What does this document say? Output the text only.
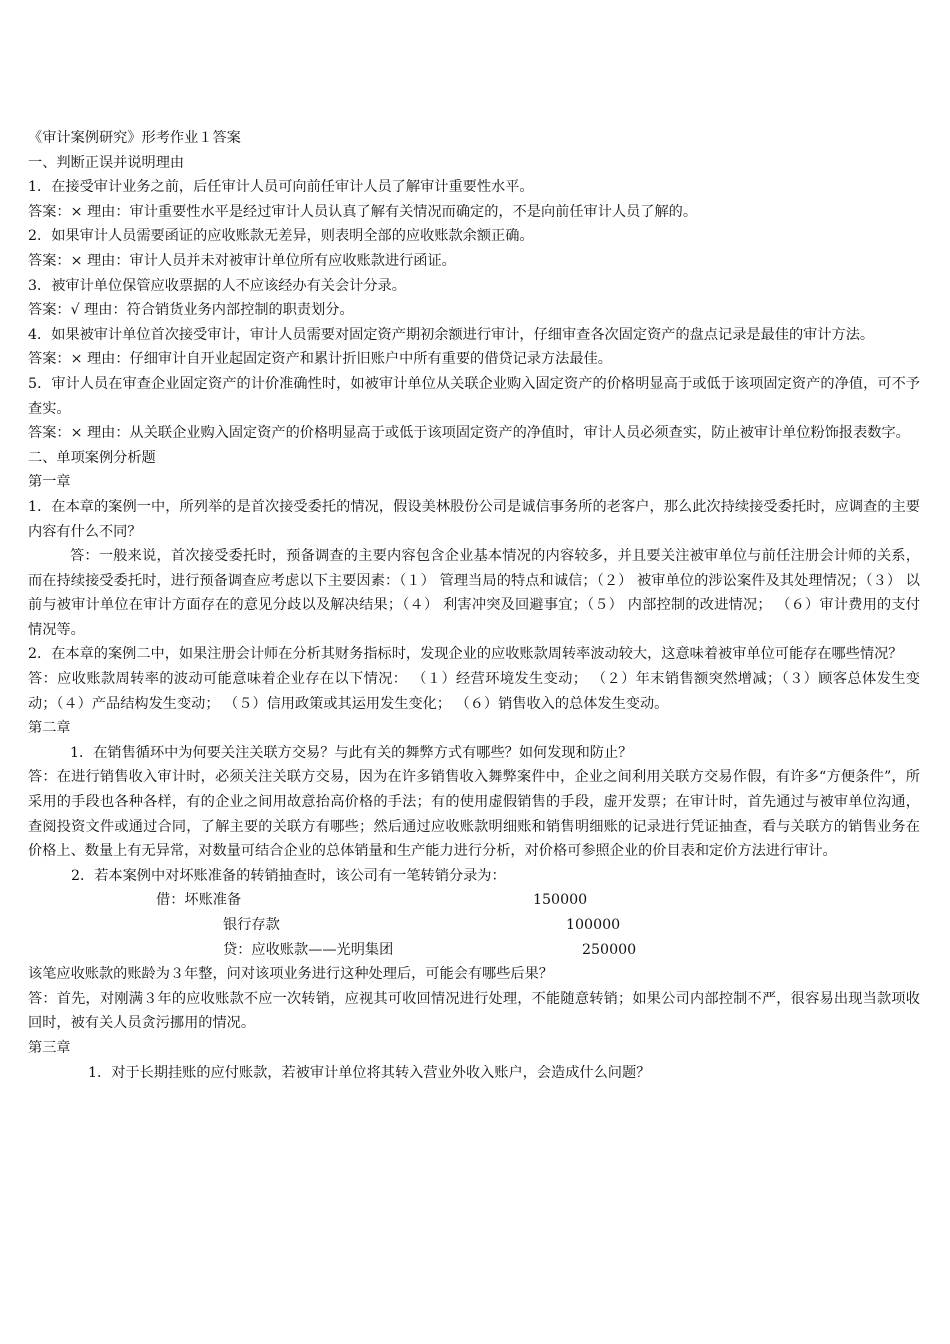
《审计案例研究》形考作业１答案
一、判断正误并说明理由
1．在接受审计业务之前，后任审计人员可向前任审计人员了解审计重要性水平。
答案：× 理由：审计重要性水平是经过审计人员认真了解有关情况而确定的，不是向前任审计人员了解的。
2．如果审计人员需要函证的应收账款无差异，则表明全部的应收账款余额正确。
答案：× 理由：审计人员并未对被审计单位所有应收账款进行函证。
3．被审计单位保管应收票据的人不应该经办有关会计分录。
答案：√ 理由：符合销货业务内部控制的职责划分。
4．如果被审计单位首次接受审计，审计人员需要对固定资产期初余额进行审计，仔细审查各次固定资产的盘点记录是最佳的审计方法。
答案：× 理由：仔细审计自开业起固定资产和累计折旧账户中所有重要的借贷记录方法最佳。
5．审计人员在审查企业固定资产的计价准确性时，如被审计单位从关联企业购入固定资产的价格明显高于或低于该项固定资产的净值，可不予查实。
答案：× 理由：从关联企业购入固定资产的价格明显高于或低于该项固定资产的净值时，审计人员必须查实，防止被审计单位粉饰报表数字。
二、单项案例分析题
第一章
1．在本章的案例一中，所列举的是首次接受委托的情况，假设美林股份公司是诚信事务所的老客户，那么此次持续接受委托时，应调查的主要内容有什么不同？
答：一般来说，首次接受委托时，预备调查的主要内容包含企业基本情况的内容较多，并且要关注被审单位与前任注册会计师的关系，而在持续接受委托时，进行预备调查应考虑以下主要因素：（１） 管理当局的特点和诚信；（２） 被审单位的涉讼案件及其处理情况；（３） 以前与被审计单位在审计方面存在的意见分歧以及解决结果；（４） 利害冲突及回避事宜；（５） 内部控制的改进情况； （６）审计费用的支付情况等。
2．在本章的案例二中，如果注册会计师在分析其财务指标时，发现企业的应收账款周转率波动较大，这意味着被审单位可能存在哪些情况？
答：应收账款周转率的波动可能意味着企业存在以下情况： （１）经营环境发生变动； （２）年末销售额突然增减；（３）顾客总体发生变动；（４）产品结构发生变动； （５）信用政策或其运用发生变化； （６）销售收入的总体发生变动。
第二章
1．在销售循环中为何要关注关联方交易？与此有关的舞弊方式有哪些？如何发现和防止？
答：在进行销售收入审计时，必须关注关联方交易，因为在许多销售收入舞弊案件中，企业之间利用关联方交易作假，有许多“方便条件”，所采用的手段也各种各样，有的企业之间用故意抬高价格的手法；有的使用虚假销售的手段，虚开发票；在审计时，首先通过与被审单位沟通，查阅投资文件或通过合同，了解主要的关联方有哪些；然后通过应收账款明细账和销售明细账的记录进行凭证抽查，看与关联方的销售业务在价格上、数量上有无异常，对数量可结合企业的总体销量和生产能力进行分析，对价格可参照企业的价目表和定价方法进行审计。
2．若本案例中对坏账准备的转销抽查时，该公司有一笔转销分录为：
借：坏账准备	150000
银行存款	100000
贷：应收账款——光明集团	250000
该笔应收账款的账龄为３年整，问对该项业务进行这种处理后，可能会有哪些后果？
答：首先，对刚满３年的应收账款不应一次转销，应视其可收回情况进行处理，不能随意转销；如果公司内部控制不严，很容易出现当款项收回时，被有关人员贪污挪用的情况。
第三章
1．对于长期挂账的应付账款，若被审计单位将其转入营业外收入账户，会造成什么问题？
